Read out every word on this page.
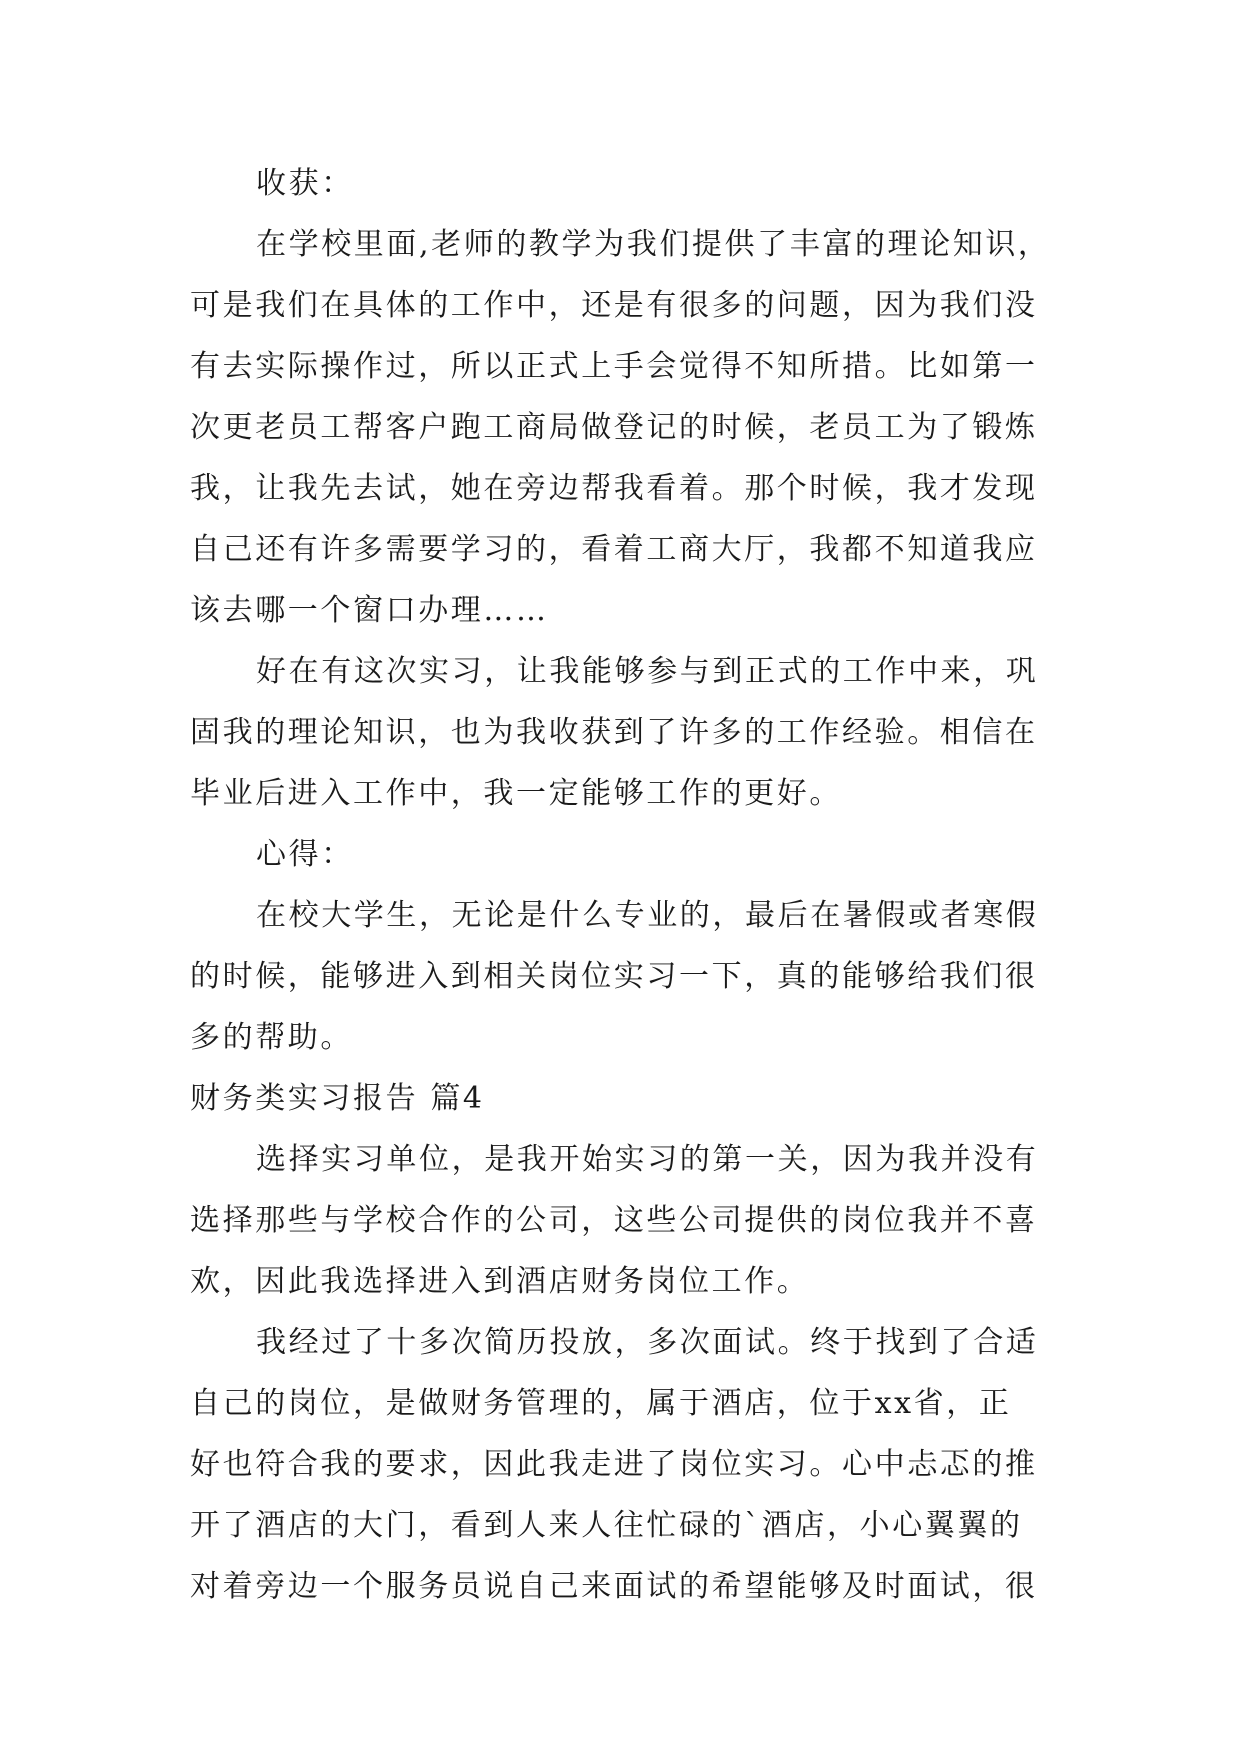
收获：
在学校里面,老师的教学为我们提供了丰富的理论知识，
可是我们在具体的工作中，还是有很多的问题，因为我们没
有去实际操作过，所以正式上手会觉得不知所措。比如第一
次更老员工帮客户跑工商局做登记的时候，老员工为了锻炼
我，让我先去试，她在旁边帮我看着。那个时候，我才发现
自己还有许多需要学习的，看着工商大厅，我都不知道我应
该去哪一个窗口办理……
好在有这次实习，让我能够参与到正式的工作中来，巩
固我的理论知识，也为我收获到了许多的工作经验。相信在
毕业后进入工作中，我一定能够工作的更好。
心得：
在校大学生，无论是什么专业的，最后在暑假或者寒假
的时候，能够进入到相关岗位实习一下，真的能够给我们很
多的帮助。
财务类实习报告 篇4
选择实习单位，是我开始实习的第一关，因为我并没有
选择那些与学校合作的公司，这些公司提供的岗位我并不喜
欢，因此我选择进入到酒店财务岗位工作。
我经过了十多次简历投放，多次面试。终于找到了合适
自己的岗位，是做财务管理的，属于酒店，位于xx省，正
好也符合我的要求，因此我走进了岗位实习。心中忐忑的推
开了酒店的大门，看到人来人往忙碌的`酒店，小心翼翼的
对着旁边一个服务员说自己来面试的希望能够及时面试，很
